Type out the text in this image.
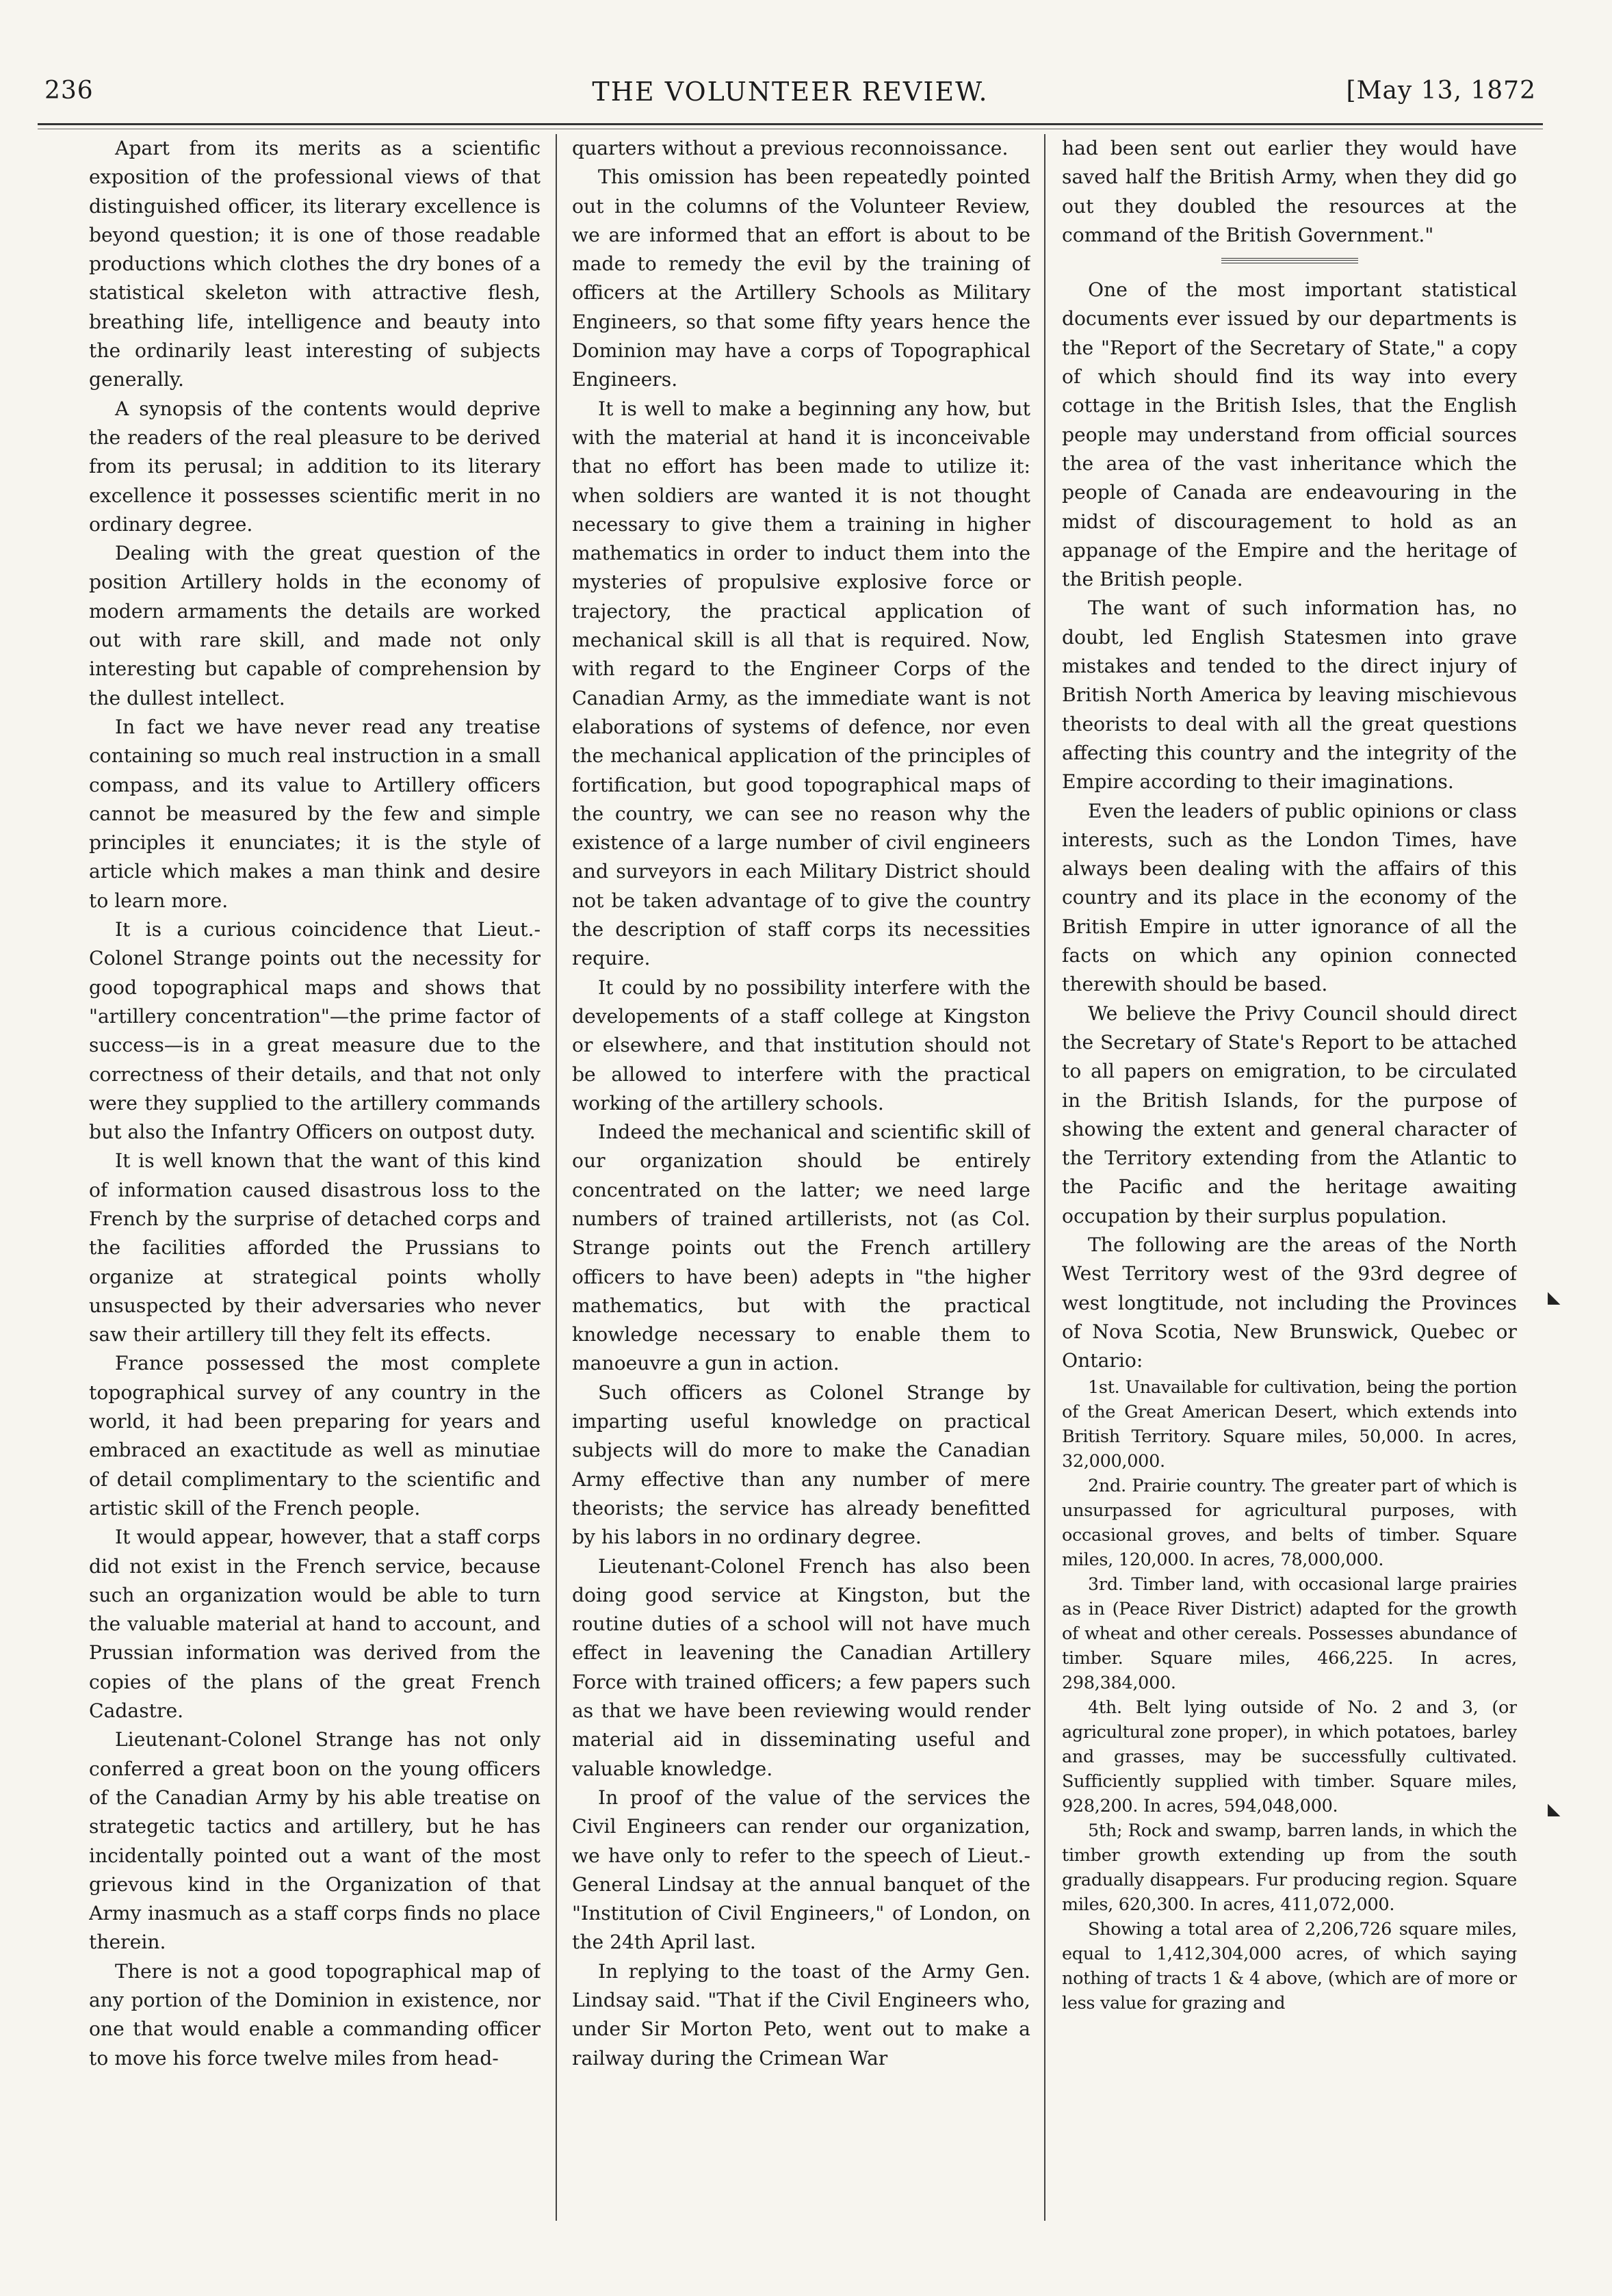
236	THE VOLUNTEER REVIEW.	[May 13, 1872

Apart from its merits as a scientific exposition of the professional views of that distinguished officer, its literary excellence is beyond question; it is one of those readable productions which clothes the dry bones of a statistical skeleton with attractive flesh, breathing life, intelligence and beauty into the ordinarily least interesting of subjects generally.

A synopsis of the contents would deprive the readers of the real pleasure to be derived from its perusal; in addition to its literary excellence it possesses scientific merit in no ordinary degree.

Dealing with the great question of the position Artillery holds in the economy of modern armaments the details are worked out with rare skill, and made not only interesting but capable of comprehension by the dullest intellect.

In fact we have never read any treatise containing so much real instruction in a small compass, and its value to Artillery officers cannot be measured by the few and simple principles it enunciates; it is the style of article which makes a man think and desire to learn more.

It is a curious coincidence that Lieut.-Colonel Strange points out the necessity for good topographical maps and shows that "artillery concentration"—the prime factor of success—is in a great measure due to the correctness of their details, and that not only were they supplied to the artillery commands but also the Infantry Officers on outpost duty.

It is well known that the want of this kind of information caused disastrous loss to the French by the surprise of detached corps and the facilities afforded the Prussians to organize at strategical points wholly unsuspected by their adversaries who never saw their artillery till they felt its effects.

France possessed the most complete topographical survey of any country in the world, it had been preparing for years and embraced an exactitude as well as minutiae of detail complimentary to the scientific and artistic skill of the French people.

It would appear, however, that a staff corps did not exist in the French service, because such an organization would be able to turn the valuable material at hand to account, and Prussian information was derived from the copies of the plans of the great French Cadastre.

Lieutenant-Colonel Strange has not only conferred a great boon on the young officers of the Canadian Army by his able treatise on strategetic tactics and artillery, but he has incidentally pointed out a want of the most grievous kind in the Organization of that Army inasmuch as a staff corps finds no place therein.

There is not a good topographical map of any portion of the Dominion in existence, nor one that would enable a commanding officer to move his force twelve miles from head-

quarters without a previous reconnoissance.

This omission has been repeatedly pointed out in the columns of the Volunteer Review, we are informed that an effort is about to be made to remedy the evil by the training of officers at the Artillery Schools as Military Engineers, so that some fifty years hence the Dominion may have a corps of Topographical Engineers.

It is well to make a beginning any how, but with the material at hand it is inconceivable that no effort has been made to utilize it: when soldiers are wanted it is not thought necessary to give them a training in higher mathematics in order to induct them into the mysteries of propulsive explosive force or trajectory, the practical application of mechanical skill is all that is required. Now, with regard to the Engineer Corps of the Canadian Army, as the immediate want is not elaborations of systems of defence, nor even the mechanical application of the principles of fortification, but good topographical maps of the country, we can see no reason why the existence of a large number of civil engineers and surveyors in each Military District should not be taken advantage of to give the country the description of staff corps its necessities require.

It could by no possibility interfere with the developements of a staff college at Kingston or elsewhere, and that institution should not be allowed to interfere with the practical working of the artillery schools.

Indeed the mechanical and scientific skill of our organization should be entirely concentrated on the latter; we need large numbers of trained artillerists, not (as Col. Strange points out the French artillery officers to have been) adepts in "the higher mathematics, but with the practical knowledge necessary to enable them to manoeuvre a gun in action.

Such officers as Colonel Strange by imparting useful knowledge on practical subjects will do more to make the Canadian Army effective than any number of mere theorists; the service has already benefitted by his labors in no ordinary degree.

Lieutenant-Colonel French has also been doing good service at Kingston, but the routine duties of a school will not have much effect in leavening the Canadian Artillery Force with trained officers; a few papers such as that we have been reviewing would render material aid in disseminating useful and valuable knowledge.

In proof of the value of the services the Civil Engineers can render our organization, we have only to refer to the speech of Lieut.-General Lindsay at the annual banquet of the "Institution of Civil Engineers," of London, on the 24th April last.

In replying to the toast of the Army Gen. Lindsay said. "That if the Civil Engineers who, under Sir Morton Peto, went out to make a railway during the Crimean War

had been sent out earlier they would have saved half the British Army, when they did go out they doubled the resources at the command of the British Government."

One of the most important statistical documents ever issued by our departments is the "Report of the Secretary of State," a copy of which should find its way into every cottage in the British Isles, that the English people may understand from official sources the area of the vast inheritance which the people of Canada are endeavouring in the midst of discouragement to hold as an appanage of the Empire and the heritage of the British people.

The want of such information has, no doubt, led English Statesmen into grave mistakes and tended to the direct injury of British North America by leaving mischievous theorists to deal with all the great questions affecting this country and the integrity of the Empire according to their imaginations.

Even the leaders of public opinions or class interests, such as the London Times, have always been dealing with the affairs of this country and its place in the economy of the British Empire in utter ignorance of all the facts on which any opinion connected therewith should be based.

We believe the Privy Council should direct the Secretary of State's Report to be attached to all papers on emigration, to be circulated in the British Islands, for the purpose of showing the extent and general character of the Territory extending from the Atlantic to the Pacific and the heritage awaiting occupation by their surplus population.

The following are the areas of the North West Territory west of the 93rd degree of west longtitude, not including the Provinces of Nova Scotia, New Brunswick, Quebec or Ontario:

1st. Unavailable for cultivation, being the portion of the Great American Desert, which extends into British Territory. Square miles, 50,000. In acres, 32,000,000.

2nd. Prairie country. The greater part of which is unsurpassed for agricultural purposes, with occasional groves, and belts of timber. Square miles, 120,000. In acres, 78,000,000.

3rd. Timber land, with occasional large prairies as in (Peace River District) adapted for the growth of wheat and other cereals. Possesses abundance of timber. Square miles, 466,225. In acres, 298,384,000.

4th. Belt lying outside of No. 2 and 3, (or agricultural zone proper), in which potatoes, barley and grasses, may be successfully cultivated. Sufficiently supplied with timber. Square miles, 928,200. In acres, 594,048,000.

5th; Rock and swamp, barren lands, in which the timber growth extending up from the south gradually disappears. Fur producing region. Square miles, 620,300. In acres, 411,072,000.

Showing a total area of 2,206,726 square miles, equal to 1,412,304,000 acres, of which saying nothing of tracts 1 & 4 above, (which are of more or less value for grazing and

◣
◣
